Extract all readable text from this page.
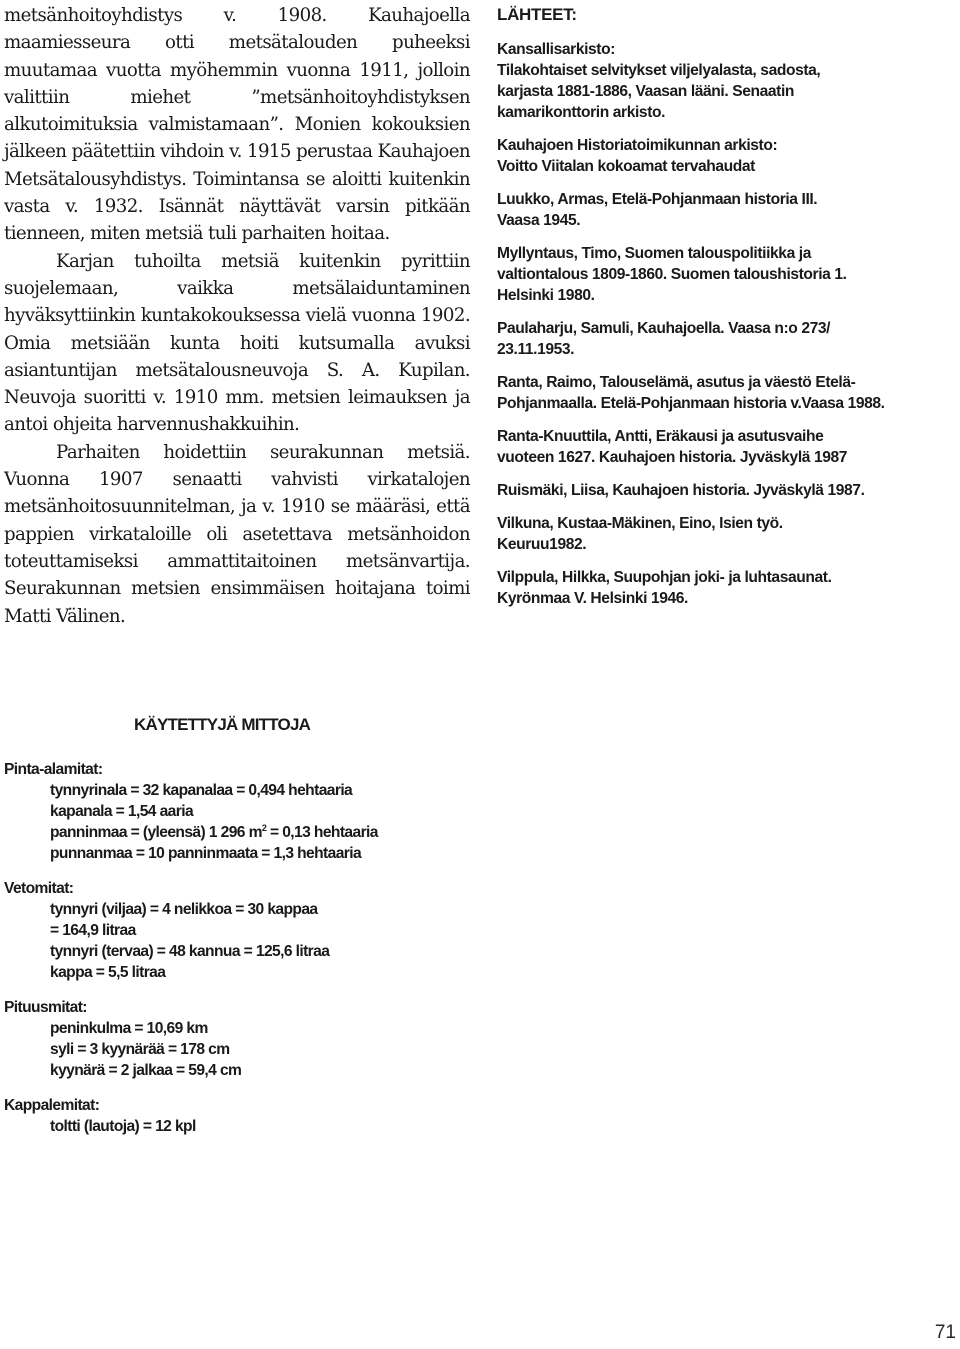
metsänhoitoyhdistys v. 1908. Kauhajoella maamiesseura otti metsätalouden puheeksi muutamaa vuotta myöhemmin vuonna 1911, jolloin valittiin miehet ”metsänhoitoyhdistyksen alkutoimituksia valmistamaan”. Monien kokouksien jälkeen päätettiin vihdoin v. 1915 perustaa Kauhajoen Metsätalousyhdistys. Toimintansa se aloitti kuitenkin vasta v. 1932. Isännät näyttävät varsin pitkään tienneen, miten metsiä tuli parhaiten hoitaa.

Karjan tuhoilta metsiä kuitenkin pyrittiin suojelemaan, vaikka metsälaiduntaminen hyväksyttiinkin kuntakokouksessa vielä vuonna 1902. Omia metsiään kunta hoiti kutsumalla avuksi asiantuntijan metsätalousneuvoja S. A. Kupilan. Neuvoja suoritti v. 1910 mm. metsien leimauksen ja antoi ohjeita harvennushakkuihin.

Parhaiten hoidettiin seurakunnan metsiä. Vuonna 1907 senaatti vahvisti virkatalojen metsänhoitosuunnitelman, ja v. 1910 se määräsi, että pappien virkataloille oli asetettava metsänhoidon toteuttamiseksi ammattitaitoinen metsänvartija. Seurakunnan metsien ensimmäisen hoitajana toimi Matti Välinen.

LÄHTEET:
Kansallisarkisto:
Tilakohtaiset selvitykset viljelyalasta, sadosta,
karjasta 1881-1886, Vaasan lääni. Senaatin
kamarikonttorin arkisto.
Kauhajoen Historiatoimikunnan arkisto:
Voitto Viitalan kokoamat tervahaudat
Luukko, Armas, Etelä-Pohjanmaan historia III.
Vaasa 1945.
Myllyntaus, Timo, Suomen talouspolitiikka ja
valtiontalous 1809-1860. Suomen taloushistoria 1.
Helsinki 1980.
Paulaharju, Samuli, Kauhajoella. Vaasa n:o 273/
23.11.1953.
Ranta, Raimo, Talouselämä, asutus ja väestö Etelä-
Pohjanmaalla. Etelä-Pohjanmaan historia v.Vaasa 1988.
Ranta-Knuuttila, Antti, Eräkausi ja asutusvaihe
vuoteen 1627. Kauhajoen historia. Jyväskylä 1987
Ruismäki, Liisa, Kauhajoen historia. Jyväskylä 1987.
Vilkuna, Kustaa-Mäkinen, Eino, Isien työ.
Keuruu1982.
Vilppula, Hilkka, Suupohjan joki- ja luhtasaunat.
Kyrönmaa V. Helsinki 1946.
KÄYTETTYJÄ MITTOJA
Pinta-alamitat:
tynnyrinala = 32 kapanalaa = 0,494 hehtaaria
kapanala = 1,54 aaria
panninmaa = (yleensä) 1 296 $m^2 = 0,13$ hehtaaria
punnanmaa = 10 panninmaata = 1,3 hehtaaria
Vetomitat:
tynnyri (viljaa) = 4 nelikkoa = 30 kappaa
= 164,9 litraa
tynnyri (tervaa) = 48 kannua = 125,6 litraa
kappa = 5,5 litraa
Pituusmitat:
peninkulma = 10,69 km
syli = 3 kyynärää = 178 cm
kyynärä = 2 jalkaa = 59,4 cm
Kappalemitat:
toltti (lautoja) = 12 kpl
71
